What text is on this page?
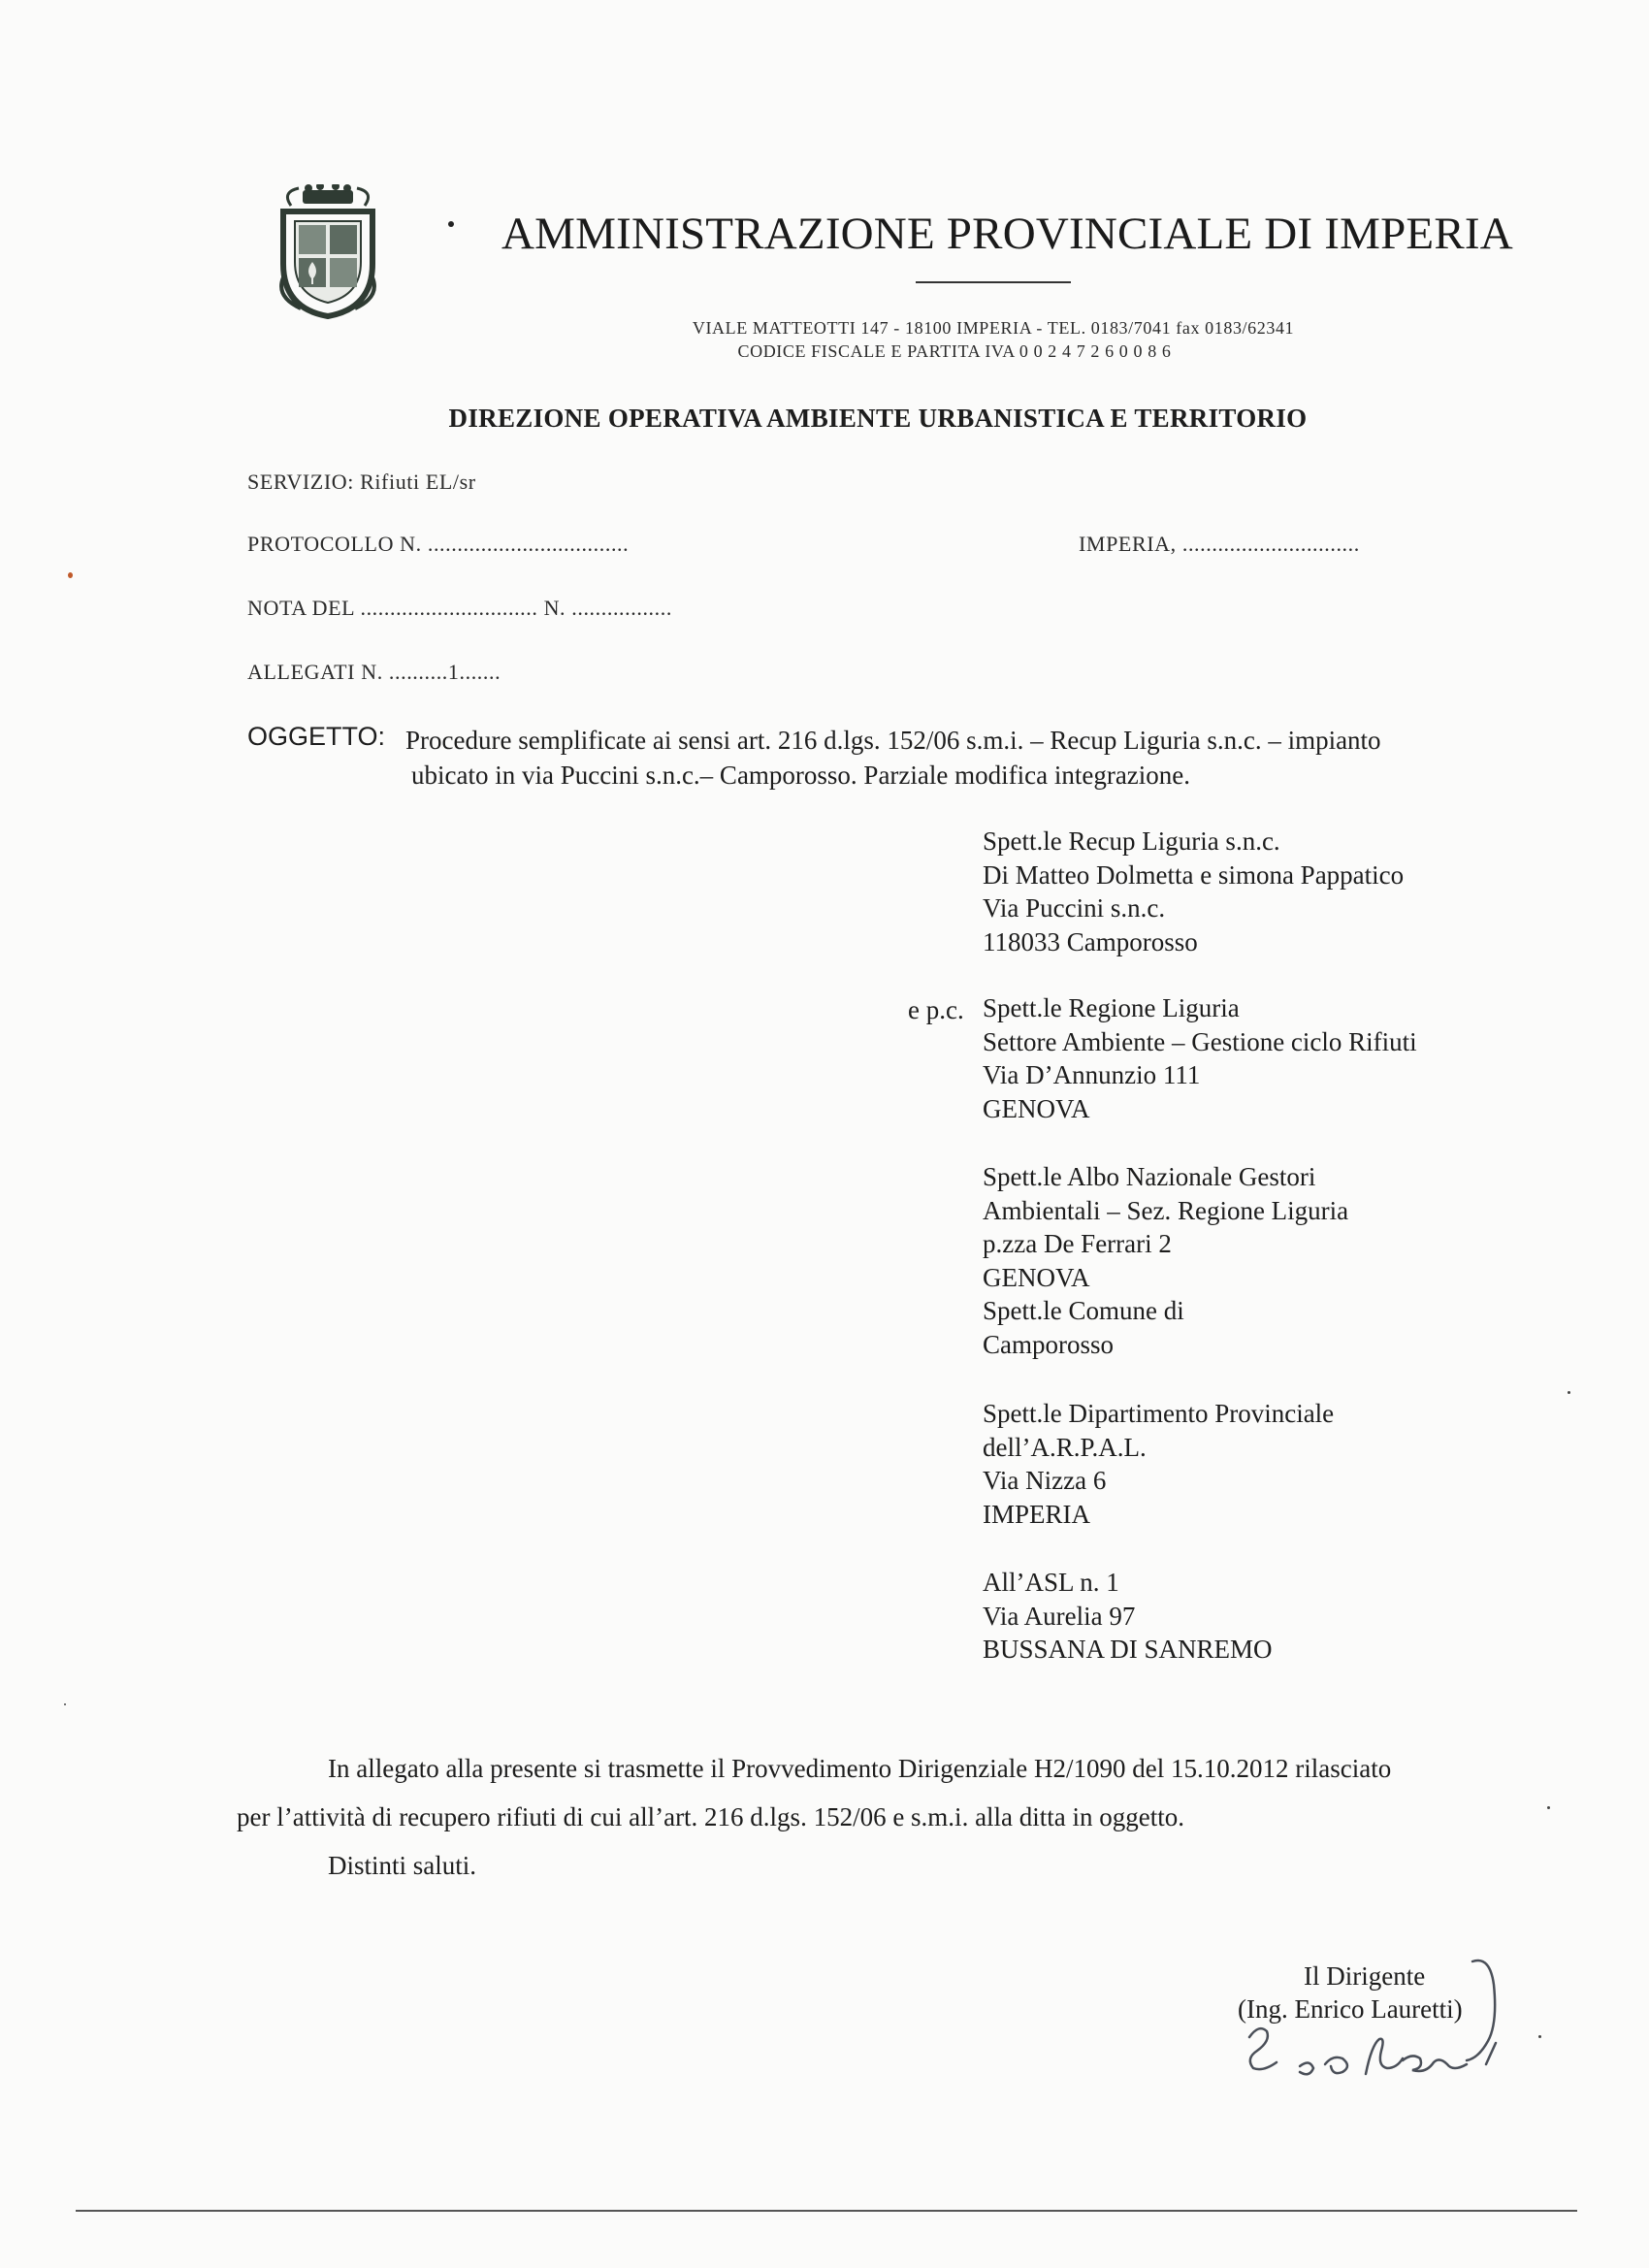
AMMINISTRAZIONE PROVINCIALE DI IMPERIA
VIALE MATTEOTTI 147 - 18100 IMPERIA - TEL. 0183/7041 fax 0183/62341
CODICE FISCALE E PARTITA IVA 0 0 2 4 7 2 6 0 0 8 6
DIREZIONE OPERATIVA AMBIENTE URBANISTICA E TERRITORIO
SERVIZIO: Rifiuti EL/sr
PROTOCOLLO N. ..................................	IMPERIA, ..............................
NOTA DEL .............................. N. .................
ALLEGATI N. ..........1.......
OGGETTO: Procedure semplificate ai sensi art. 216 d.lgs. 152/06 s.m.i. – Recup Liguria s.n.c. – impianto
ubicato in via Puccini s.n.c.– Camporosso. Parziale modifica integrazione.
Spett.le Recup Liguria s.n.c.
Di Matteo Dolmetta e simona Pappatico
Via Puccini s.n.c.
118033 Camporosso
e p.c. Spett.le Regione Liguria
Settore Ambiente – Gestione ciclo Rifiuti
Via D’Annunzio 111
GENOVA
Spett.le Albo Nazionale Gestori
Ambientali – Sez. Regione Liguria
p.zza De Ferrari 2
GENOVA
Spett.le Comune di
Camporosso
Spett.le Dipartimento Provinciale
dell’A.R.P.A.L.
Via Nizza 6
IMPERIA
All’ASL n. 1
Via Aurelia 97
BUSSANA DI SANREMO
In allegato alla presente si trasmette il Provvedimento Dirigenziale H2/1090 del 15.10.2012 rilasciato
per l’attività di recupero rifiuti di cui all’art. 216 d.lgs. 152/06 e s.m.i. alla ditta in oggetto.
Distinti saluti.
Il Dirigente
(Ing. Enrico Lauretti)
